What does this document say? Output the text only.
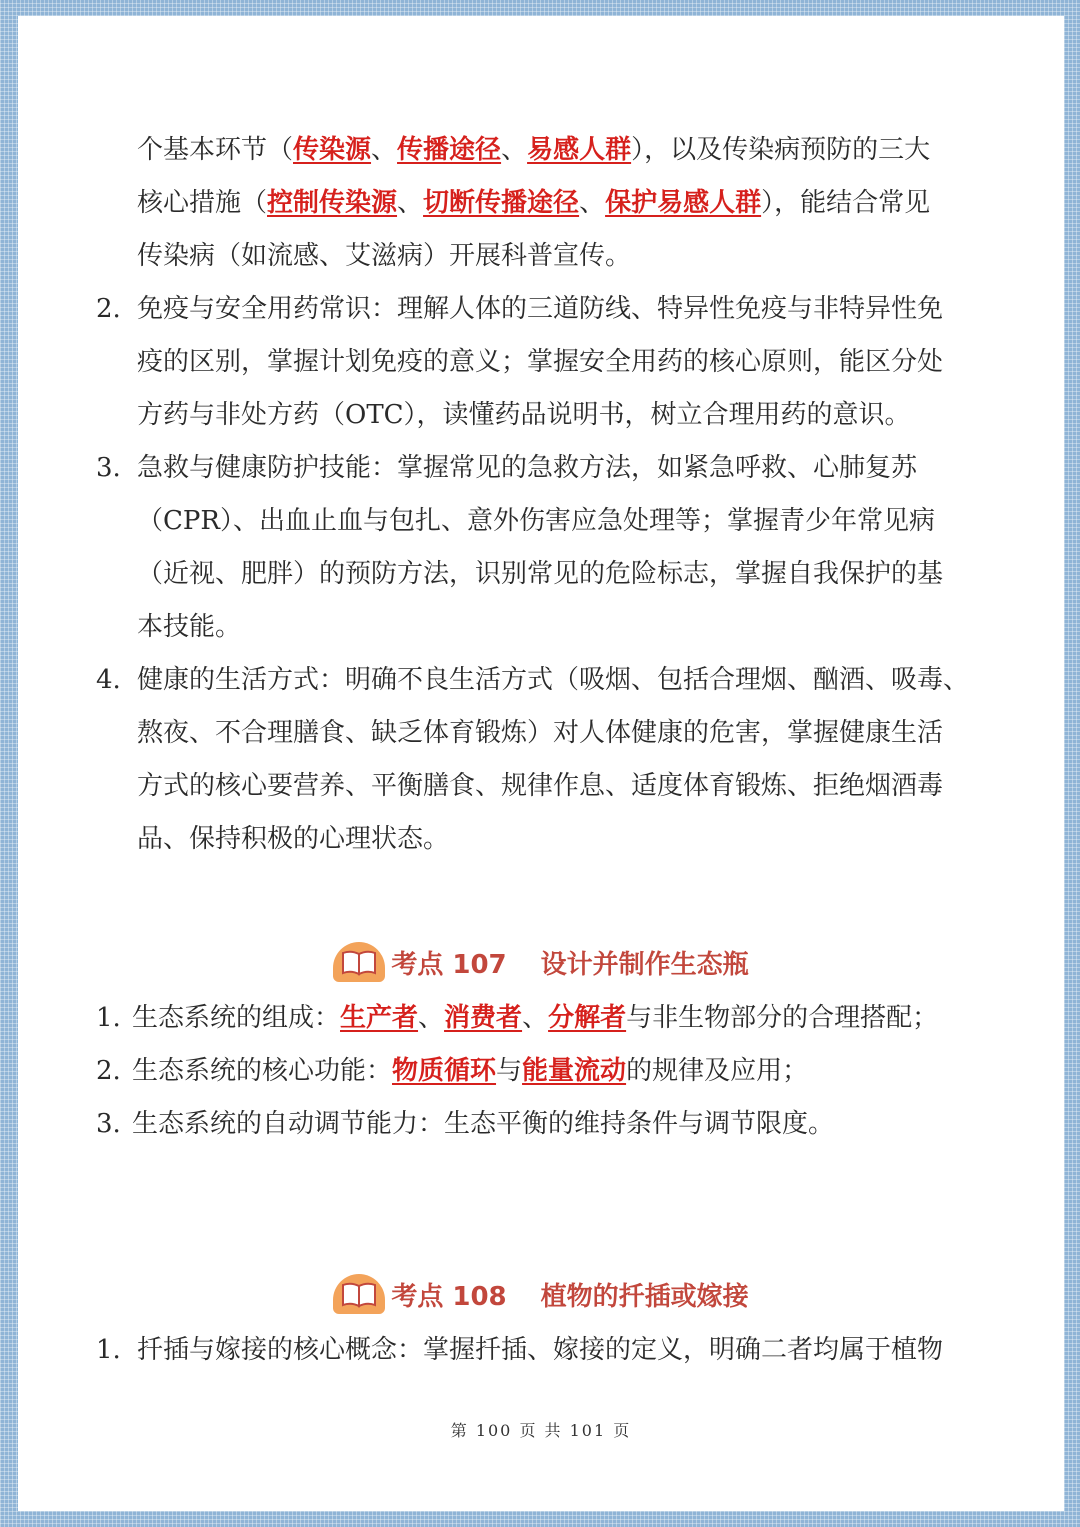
个基本环节（传染源、传播途径、易感人群），以及传染病预防的三大
核心措施（控制传染源、切断传播途径、保护易感人群），能结合常见
传染病（如流感、艾滋病）开展科普宣传。
2. 免疫与安全用药常识：理解人体的三道防线、特异性免疫与非特异性免
疫的区别，掌握计划免疫的意义；掌握安全用药的核心原则，能区分处
方药与非处方药（OTC），读懂药品说明书，树立合理用药的意识。
3. 急救与健康防护技能：掌握常见的急救方法，如紧急呼救、心肺复苏
（CPR）、出血止血与包扎、意外伤害应急处理等；掌握青少年常见病
（近视、肥胖）的预防方法，识别常见的危险标志，掌握自我保护的基
本技能。
4. 健康的生活方式：明确不良生活方式（吸烟、包括合理烟、酗酒、吸毒、
熬夜、不合理膳食、缺乏体育锻炼）对人体健康的危害，掌握健康生活
方式的核心要营养、平衡膳食、规律作息、适度体育锻炼、拒绝烟酒毒
品、保持积极的心理状态。
考点 107 设计并制作生态瓶
1. 生态系统的组成：生产者、消费者、分解者与非生物部分的合理搭配；
2. 生态系统的核心功能：物质循环与能量流动的规律及应用；
3. 生态系统的自动调节能力：生态平衡的维持条件与调节限度。
考点 108 植物的扦插或嫁接
1. 扦插与嫁接的核心概念：掌握扦插、嫁接的定义，明确二者均属于植物
第 100 页 共 101 页
